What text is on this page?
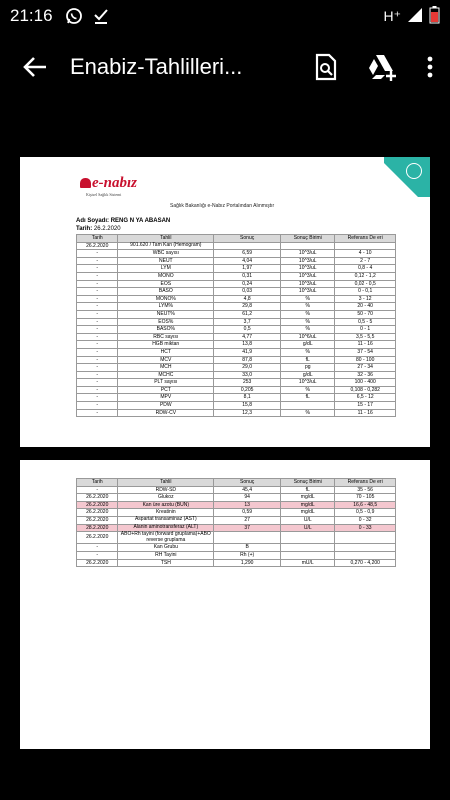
21:16	H⁺
Enabiz-Tahlilleri...
e-nabız
Kişisel Sağlık Sistemi
Sağlık Bakanlığı e-Nabız Portalından Alınmıştır
Adı Soyadı: RENG N YA ABASAN
Tarih: 26.2.2020
Tarih	Tahlil	Sonuç	Sonuç Birimi	Referans De eri
26.2.2020	901.620 / Tam Kan (Hemogram)			
-	WBC sayısı	6,59	10^3/uL	4 - 10
-	NEUT	4,04	10^3/uL	2 - 7
-	LYM	1,97	10^3/uL	0,8 - 4
-	MONO	0,31	10^3/uL	0,12 - 1,2
-	EOS	0,24	10^3/uL	0,02 - 0,5
-	BASO	0,03	10^3/uL	0 - 0,1
-	MONO%	4,8	%	3 - 12
-	LYM%	29,8	%	20 - 40
-	NEUT%	61,2	%	50 - 70
-	EOS%	3,7	%	0,5 - 5
-	BASO%	0,5	%	0 - 1
-	RBC sayısı	4,77	10^6/uL	3,5 - 5,5
-	HGB miktarı	13,8	g/dL	11 - 16
-	HCT	41,9	%	37 - 54
-	MCV	87,8	fL	80 - 100
-	MCH	29,0	pg	27 - 34
-	MCHC	33,0	g/dL	32 - 36
-	PLT sayısı	253	10^3/uL	100 - 400
-	PCT	0,205	%	0,108 - 0,282
-	MPV	8,1	fL	6,5 - 12
-	PDW	15,8		15 - 17
-	RDW-CV	12,3	%	11 - 16
Tarih	Tahlil	Sonuç	Sonuç Birimi	Referans De eri
-	RDW-SD	45,4	fL	35 - 56
26.2.2020	Glukoz	94	mg/dL	70 - 105
26.2.2020	Kan üre azotu (BUN)	13	mg/dL	16,6 - 48,5
26.2.2020	Kreatinin	0,59	mg/dL	0,5 - 0,9
26.2.2020	Aspartat transaminaz (AST)	27	U/L	0 - 32
28.2.2020	Alanin aminotransferaz (ALT)	37	U/L	0 - 33
26.2.2020	ABO+Rh tayini (forward gruplama)+ABO reverse gruplama			
-	Kan Grubu	B		
-	RH Tayini	Rh (+)		
26.2.2020	TSH	1,290	mU/L	0,270 - 4,200
